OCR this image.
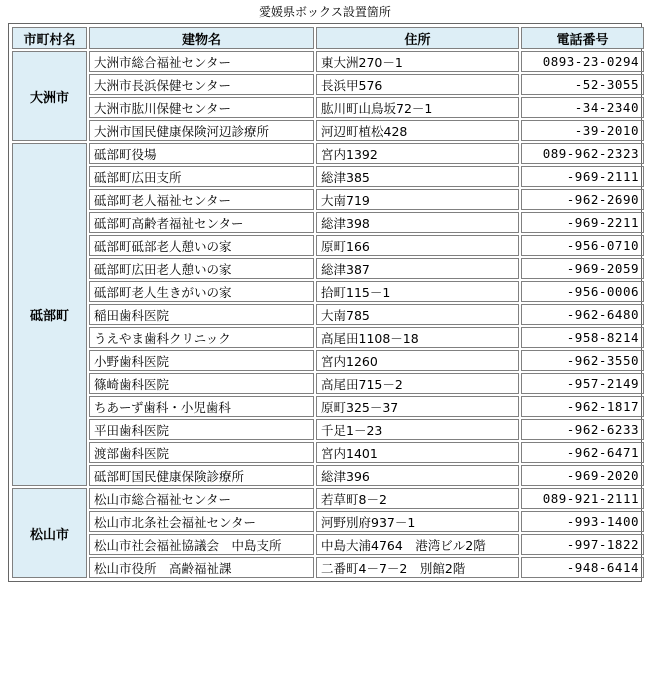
愛媛県ボックス設置箇所
市町村名	建物名	住所	電話番号
大洲市	大洲市総合福祉センター	東大洲270－1	0893-23-0294
	大洲市長浜保健センター	長浜甲576	-52-3055
	大洲市肱川保健センター	肱川町山鳥坂72－1	-34-2340
	大洲市国民健康保険河辺診療所	河辺町植松428	-39-2010
砥部町	砥部町役場	宮内1392	089-962-2323
	砥部町広田支所	総津385	-969-2111
	砥部町老人福祉センター	大南719	-962-2690
	砥部町高齢者福祉センター	総津398	-969-2211
	砥部町砥部老人憩いの家	原町166	-956-0710
	砥部町広田老人憩いの家	総津387	-969-2059
	砥部町老人生きがいの家	拾町115－1	-956-0006
	稲田歯科医院	大南785	-962-6480
	うえやま歯科クリニック	高尾田1108－18	-958-8214
	小野歯科医院	宮内1260	-962-3550
	篠崎歯科医院	高尾田715－2	-957-2149
	ちあーず歯科・小児歯科	原町325－37	-962-1817
	平田歯科医院	千足1－23	-962-6233
	渡部歯科医院	宮内1401	-962-6471
	砥部町国民健康保険診療所	総津396	-969-2020
松山市	松山市総合福祉センター	若草町8－2	089-921-2111
	松山市北条社会福祉センター	河野別府937－1	-993-1400
	松山市社会福祉協議会　中島支所	中島大浦4764　港湾ビル2階	-997-1822
	松山市役所　高齢福祉課	二番町4－7－2　別館2階	-948-6414
